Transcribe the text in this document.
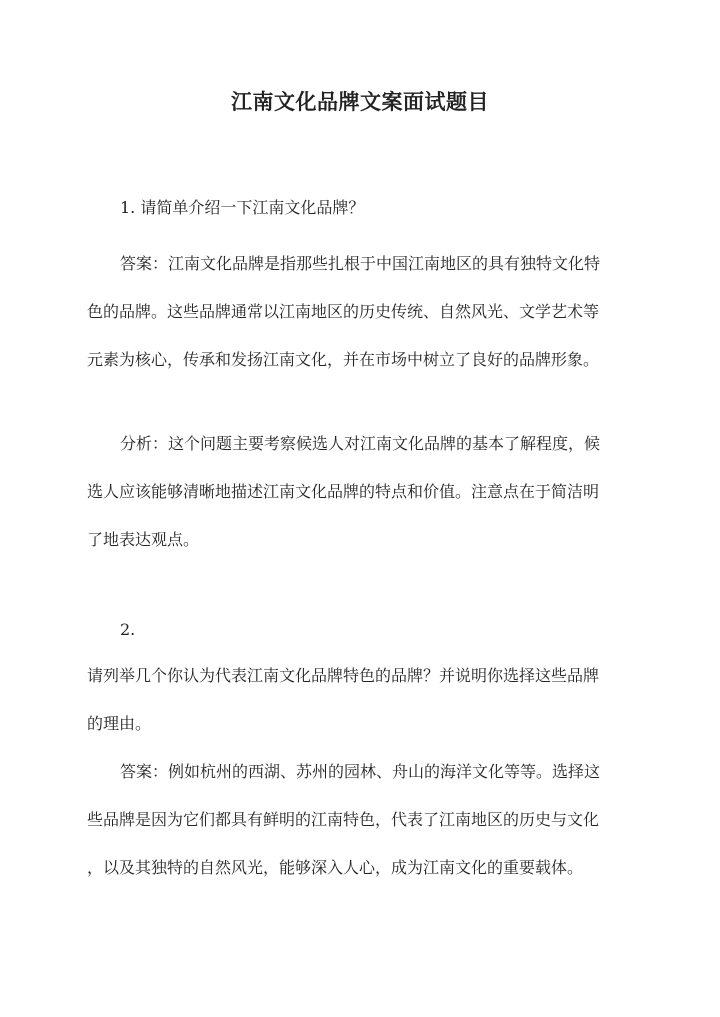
江南文化品牌文案面试题目

1. 请简单介绍一下江南文化品牌？

答案：江南文化品牌是指那些扎根于中国江南地区的具有独特文化特

色的品牌。这些品牌通常以江南地区的历史传统、自然风光、文学艺术等
元素为核心，传承和发扬江南文化，并在市场中树立了良好的品牌形象。

分析：这个问题主要考察候选人对江南文化品牌的基本了解程度，候

选人应该能够清晰地描述江南文化品牌的特点和价值。注意点在于简洁明
了地表达观点。

2.

请列举几个你认为代表江南文化品牌特色的品牌？并说明你选择这些品牌
的理由。

答案：例如杭州的西湖、苏州的园林、舟山的海洋文化等等。选择这

些品牌是因为它们都具有鲜明的江南特色，代表了江南地区的历史与文化
，以及其独特的自然风光，能够深入人心，成为江南文化的重要载体。
